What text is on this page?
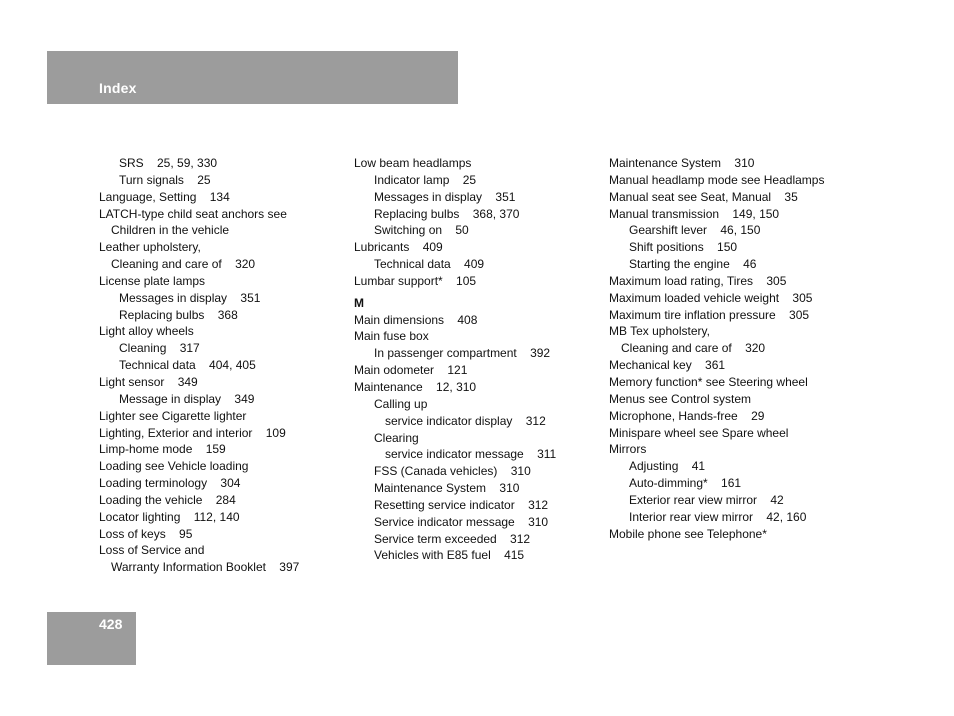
Index
SRS    25, 59, 330
Turn signals    25
Language, Setting    134
LATCH-type child seat anchors see
Children in the vehicle
Leather upholstery,
Cleaning and care of    320
License plate lamps
Messages in display    351
Replacing bulbs    368
Light alloy wheels
Cleaning    317
Technical data    404, 405
Light sensor    349
Message in display    349
Lighter see Cigarette lighter
Lighting, Exterior and interior    109
Limp-home mode    159
Loading see Vehicle loading
Loading terminology    304
Loading the vehicle    284
Locator lighting    112, 140
Loss of keys    95
Loss of Service and
Warranty Information Booklet    397
Low beam headlamps
Indicator lamp    25
Messages in display    351
Replacing bulbs    368, 370
Switching on    50
Lubricants    409
Technical data    409
Lumbar support*    105
M
Main dimensions    408
Main fuse box
In passenger compartment    392
Main odometer    121
Maintenance    12, 310
Calling up
service indicator display    312
Clearing
service indicator message    311
FSS (Canada vehicles)    310
Maintenance System    310
Resetting service indicator    312
Service indicator message    310
Service term exceeded    312
Vehicles with E85 fuel    415
Maintenance System    310
Manual headlamp mode see Headlamps
Manual seat see Seat, Manual    35
Manual transmission    149, 150
Gearshift lever    46, 150
Shift positions    150
Starting the engine    46
Maximum load rating, Tires    305
Maximum loaded vehicle weight    305
Maximum tire inflation pressure    305
MB Tex upholstery,
Cleaning and care of    320
Mechanical key    361
Memory function* see Steering wheel
Menus see Control system
Microphone, Hands-free    29
Minispare wheel see Spare wheel
Mirrors
Adjusting    41
Auto-dimming*    161
Exterior rear view mirror    42
Interior rear view mirror    42, 160
Mobile phone see Telephone*
428
